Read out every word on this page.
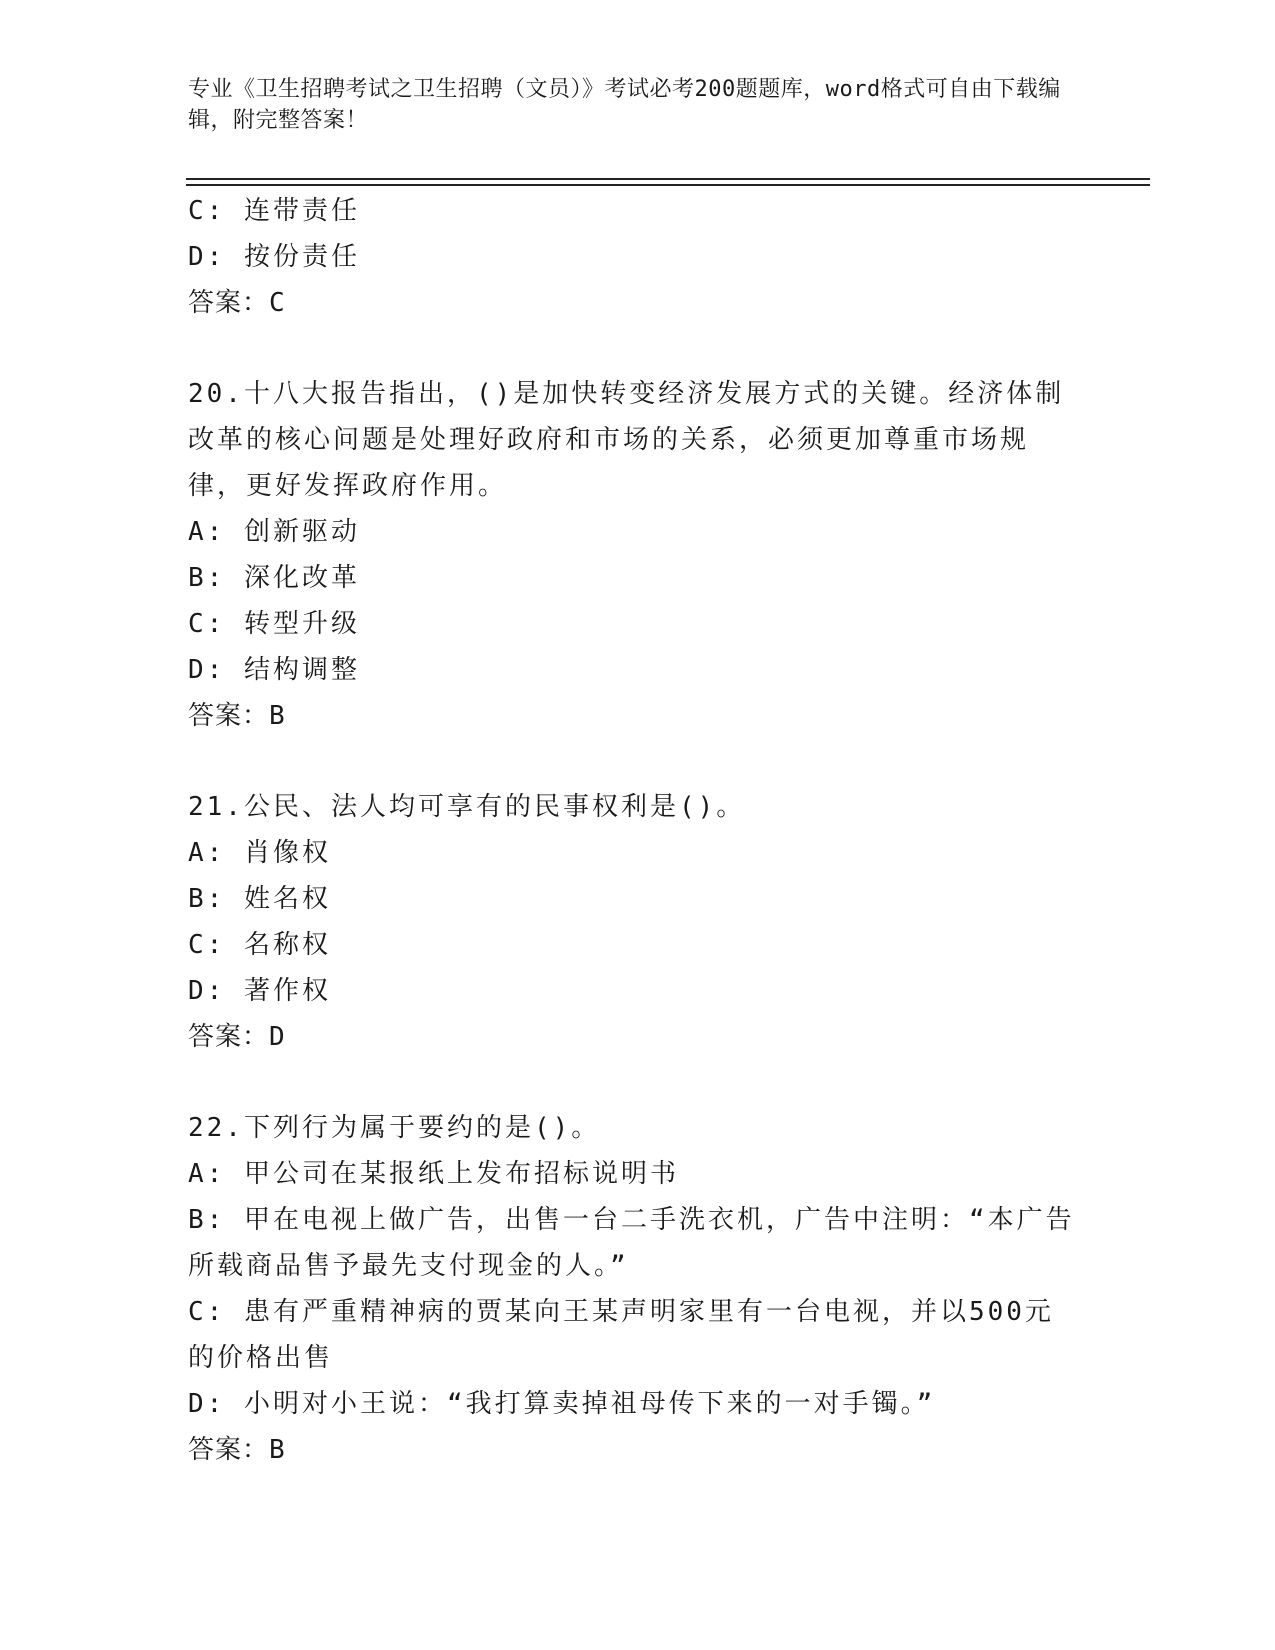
专业《卫生招聘考试之卫生招聘（文员）》考试必考200题题库，word格式可自由下载编辑，附完整答案！
C: 连带责任
D: 按份责任
答案：C
20.十八大报告指出，()是加快转变经济发展方式的关键。经济体制改革的核心问题是处理好政府和市场的关系，必须更加尊重市场规律，更好发挥政府作用。
A: 创新驱动
B: 深化改革
C: 转型升级
D: 结构调整
答案：B
21.公民、法人均可享有的民事权利是()。
A: 肖像权
B: 姓名权
C: 名称权
D: 著作权
答案：D
22.下列行为属于要约的是()。
A: 甲公司在某报纸上发布招标说明书
B: 甲在电视上做广告，出售一台二手洗衣机，广告中注明：“本广告所载商品售予最先支付现金的人。”
C: 患有严重精神病的贾某向王某声明家里有一台电视，并以500元的价格出售
D: 小明对小王说：“我打算卖掉祖母传下来的一对手镯。”
答案：B
